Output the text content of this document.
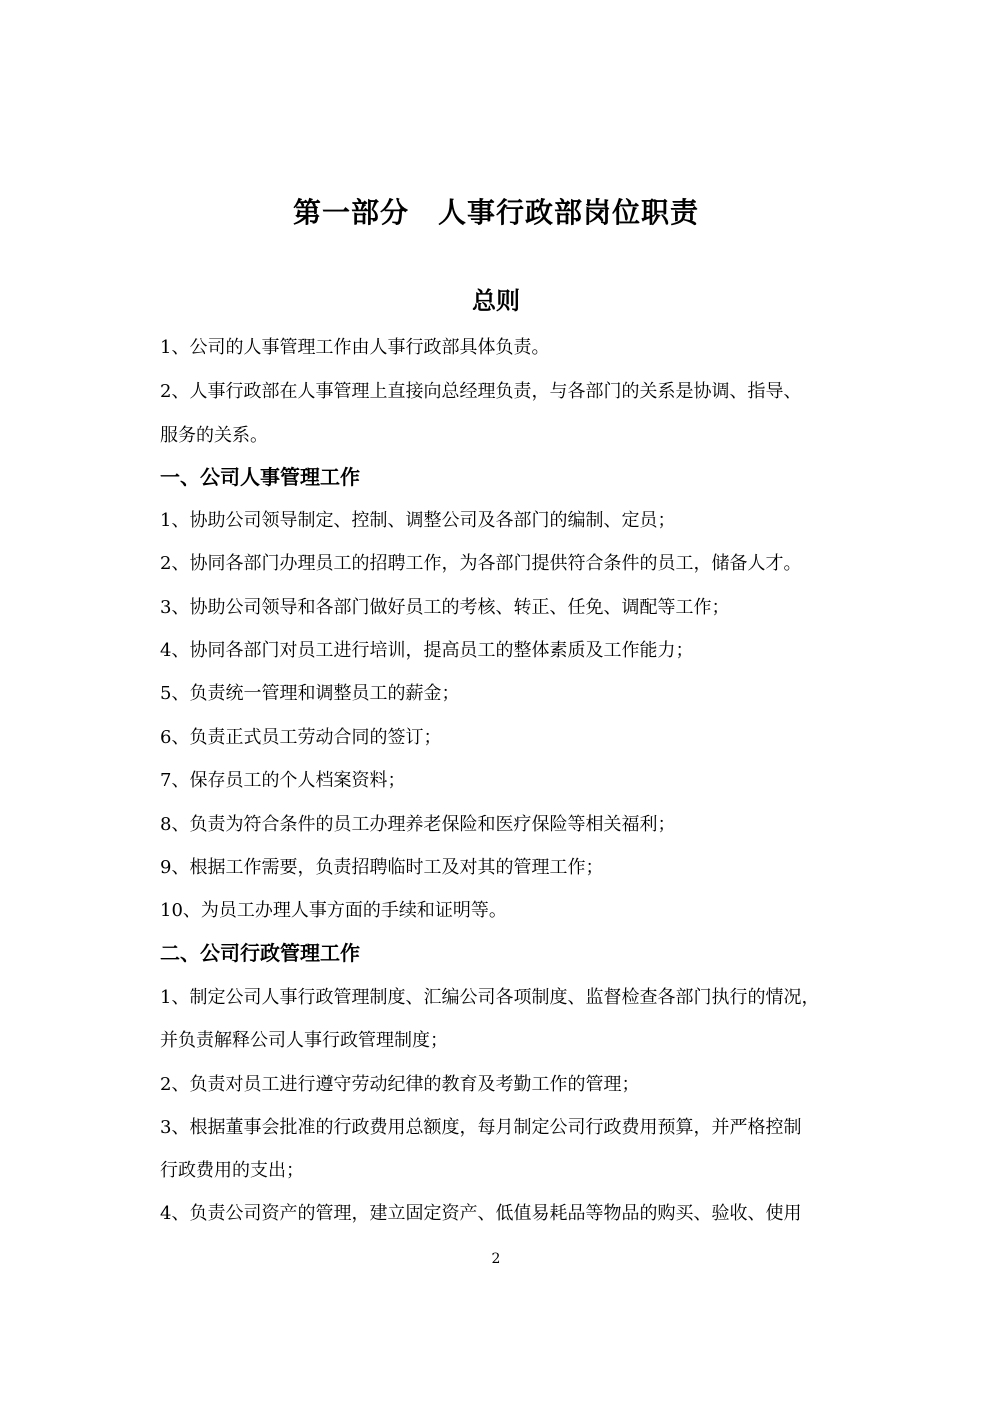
第一部分　人事行政部岗位职责
总则
1、公司的人事管理工作由人事行政部具体负责。
2、人事行政部在人事管理上直接向总经理负责，与各部门的关系是协调、指导、
服务的关系。
一、公司人事管理工作
1、协助公司领导制定、控制、调整公司及各部门的编制、定员；
2、协同各部门办理员工的招聘工作，为各部门提供符合条件的员工，储备人才。
3、协助公司领导和各部门做好员工的考核、转正、任免、调配等工作；
4、协同各部门对员工进行培训，提高员工的整体素质及工作能力；
5、负责统一管理和调整员工的薪金；
6、负责正式员工劳动合同的签订；
7、保存员工的个人档案资料；
8、负责为符合条件的员工办理养老保险和医疗保险等相关福利；
9、根据工作需要，负责招聘临时工及对其的管理工作；
10、为员工办理人事方面的手续和证明等。
二、公司行政管理工作
1、制定公司人事行政管理制度、汇编公司各项制度、监督检查各部门执行的情况，
并负责解释公司人事行政管理制度；
2、负责对员工进行遵守劳动纪律的教育及考勤工作的管理；
3、根据董事会批准的行政费用总额度，每月制定公司行政费用预算，并严格控制
行政费用的支出；
4、负责公司资产的管理，建立固定资产、低值易耗品等物品的购买、验收、使用
2
